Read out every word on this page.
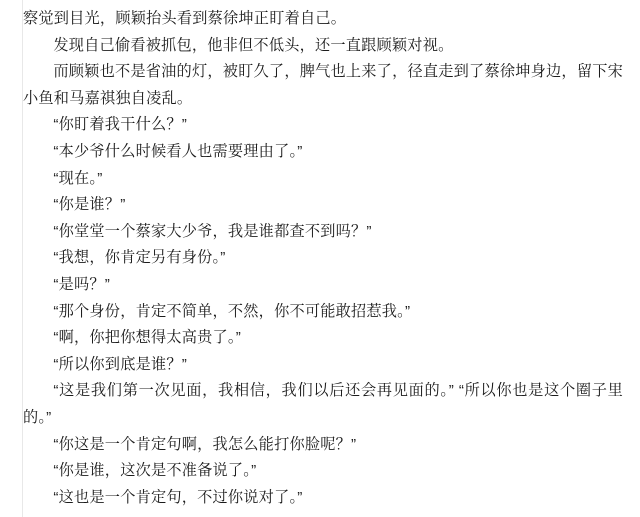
察觉到目光，顾颖抬头看到蔡徐坤正盯着自己。

发现自己偷看被抓包，他非但不低头，还一直跟顾颖对视。

而顾颖也不是省油的灯，被盯久了，脾气也上来了，径直走到了蔡徐坤身边，留下宋小鱼和马嘉祺独自凌乱。

“你盯着我干什么？”

“本少爷什么时候看人也需要理由了。”

“现在。”

“你是谁？”

“你堂堂一个蔡家大少爷，我是谁都查不到吗？”

“我想，你肯定另有身份。”

“是吗？”

“那个身份，肯定不简单，不然，你不可能敢招惹我。”

“啊，你把你想得太高贵了。”

“所以你到底是谁？”

“这是我们第一次见面，我相信，我们以后还会再见面的。” “所以你也是这个圈子里的。”

“你这是一个肯定句啊，我怎么能打你脸呢？”

“你是谁，这次是不准备说了。”

“这也是一个肯定句，不过你说对了。”
